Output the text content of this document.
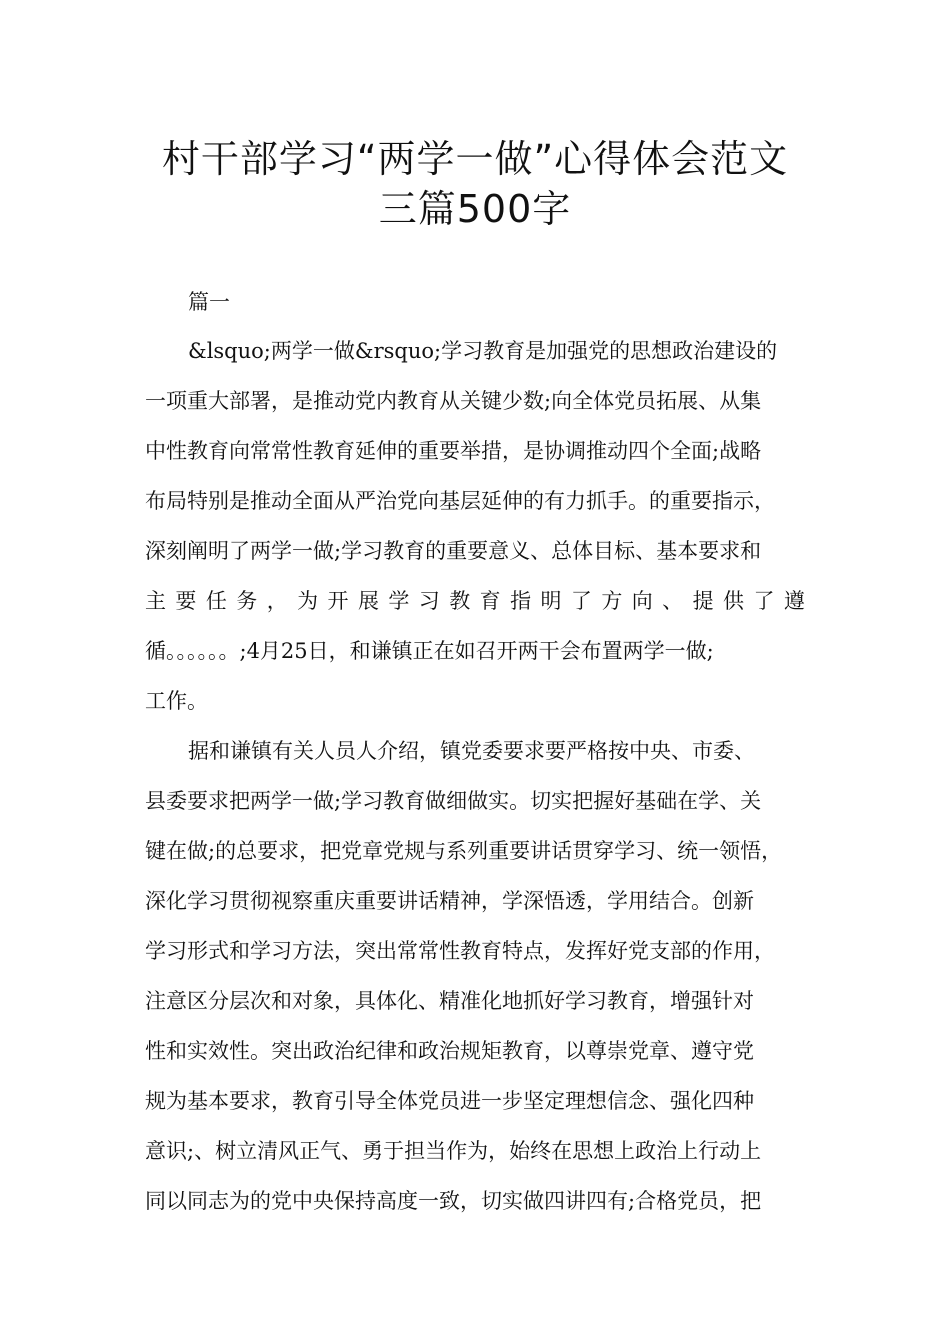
村干部学习“两学一做”心得体会范文
三篇500字
篇一
&lsquo;两学一做&rsquo;学习教育是加强党的思想政治建设的
一项重大部署，是推动党内教育从关键少数;向全体党员拓展、从集
中性教育向常常性教育延伸的重要举措，是协调推动四个全面;战略
布局特别是推动全面从严治党向基层延伸的有力抓手。的重要指示，
深刻阐明了两学一做;学习教育的重要意义、总体目标、基本要求和
主 要 任 务 ， 为 开 展 学 习 教 育 指 明 了 方 向 、 提 供 了 遵
循。。。。。。;4月25日，和谦镇正在如召开两干会布置两学一做;
工作。
据和谦镇有关人员人介绍，镇党委要求要严格按中央、市委、
县委要求把两学一做;学习教育做细做实。切实把握好基础在学、关
键在做;的总要求，把党章党规与系列重要讲话贯穿学习、统一领悟，
深化学习贯彻视察重庆重要讲话精神，学深悟透，学用结合。创新
学习形式和学习方法，突出常常性教育特点，发挥好党支部的作用，
注意区分层次和对象，具体化、精准化地抓好学习教育，增强针对
性和实效性。突出政治纪律和政治规矩教育，以尊崇党章、遵守党
规为基本要求，教育引导全体党员进一步坚定理想信念、强化四种
意识;、树立清风正气、勇于担当作为，始终在思想上政治上行动上
同以同志为的党中央保持高度一致，切实做四讲四有;合格党员，把
